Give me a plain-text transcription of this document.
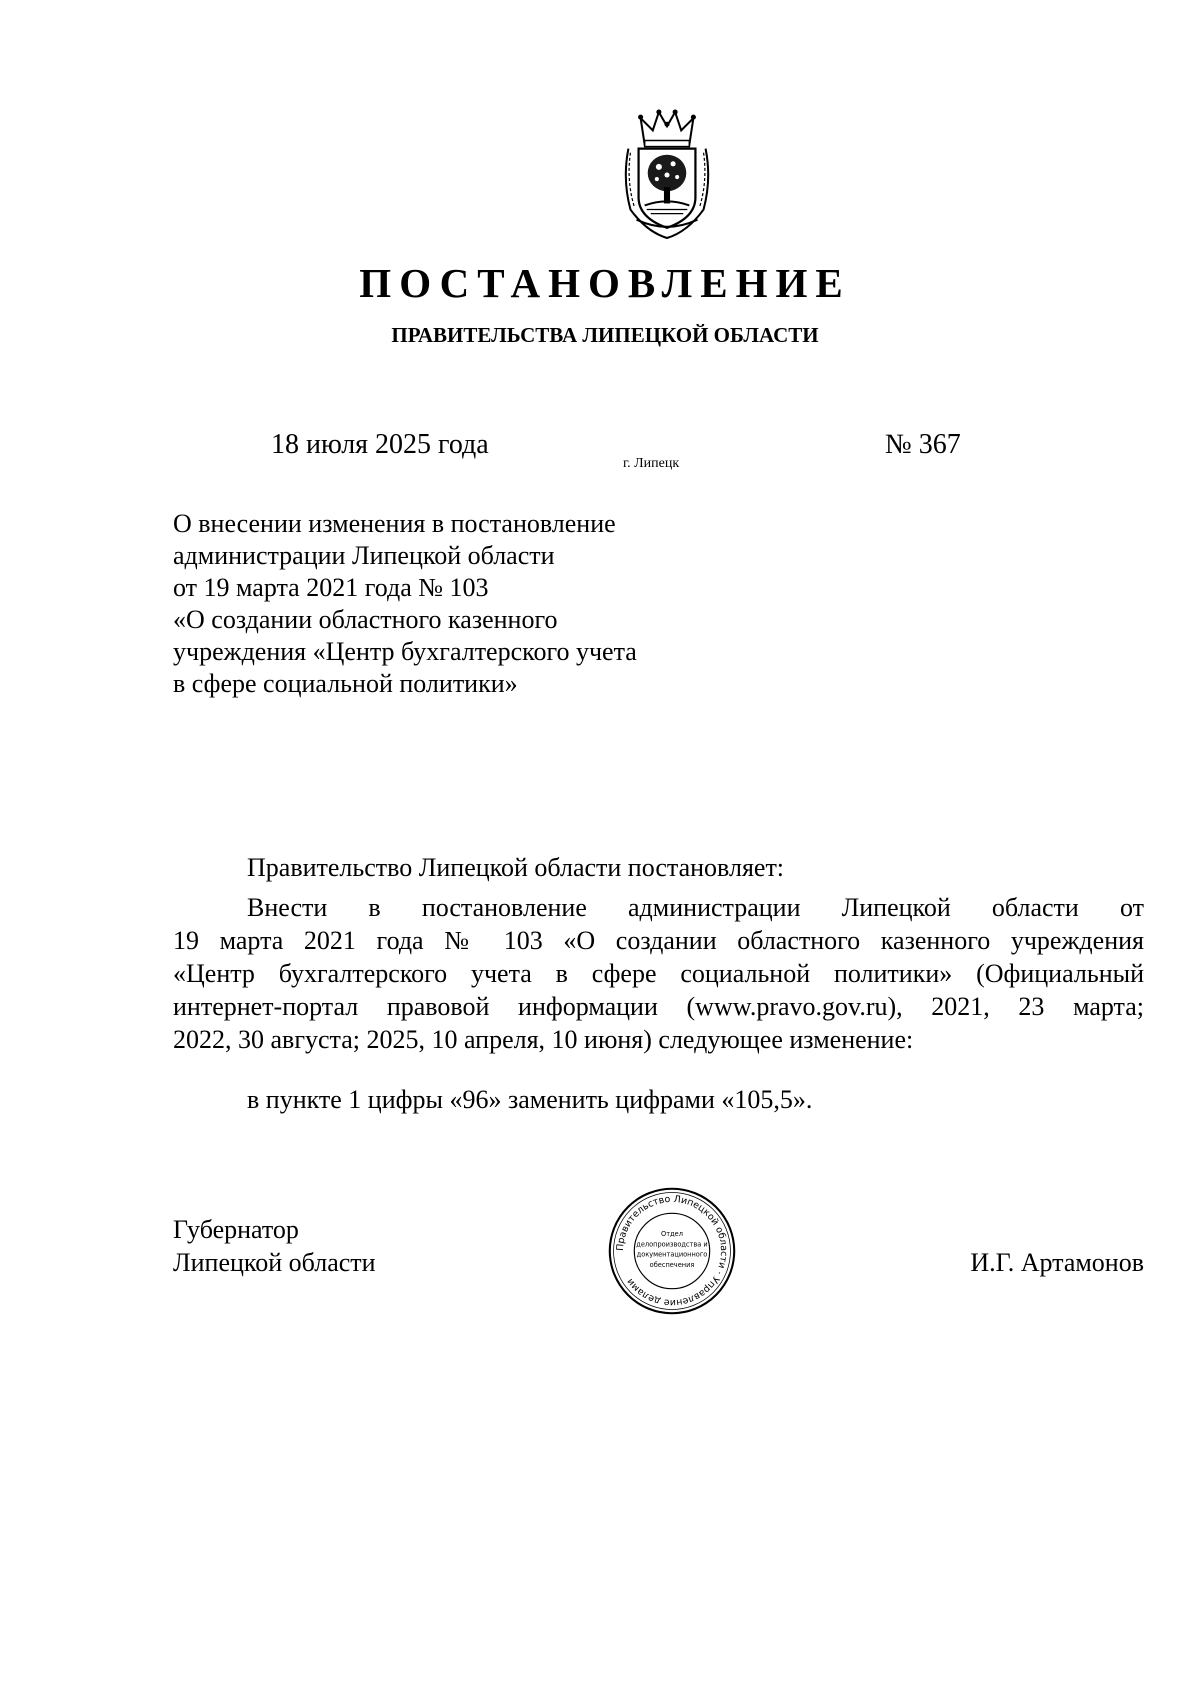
ПОСТАНОВЛЕНИЕ
ПРАВИТЕЛЬСТВА ЛИПЕЦКОЙ ОБЛАСТИ
18 июля 2025 года
г. Липецк
№ 367
О внесении изменения в постановление
администрации Липецкой области
от 19 марта 2021 года № 103
«О создании областного казенного
учреждения «Центр бухгалтерского учета
в сфере социальной политики»
Правительство Липецкой области постановляет:
Внести в постановление администрации Липецкой области от
19 марта 2021 года № 103 «О создании областного казенного учреждения
«Центр бухгалтерского учета в сфере социальной политики» (Официальный
интернет-портал правовой информации (www.pravo.gov.ru), 2021, 23 марта;
2022, 30 августа; 2025, 10 апреля, 10 июня) следующее изменение:
в пункте 1 цифры «96» заменить цифрами «105,5».
Губернатор
Липецкой области	И.Г. Артамонов
Правительство Липецкой области · Управление делами
Отдел
делопроизводства и
документационного
обеспечения
